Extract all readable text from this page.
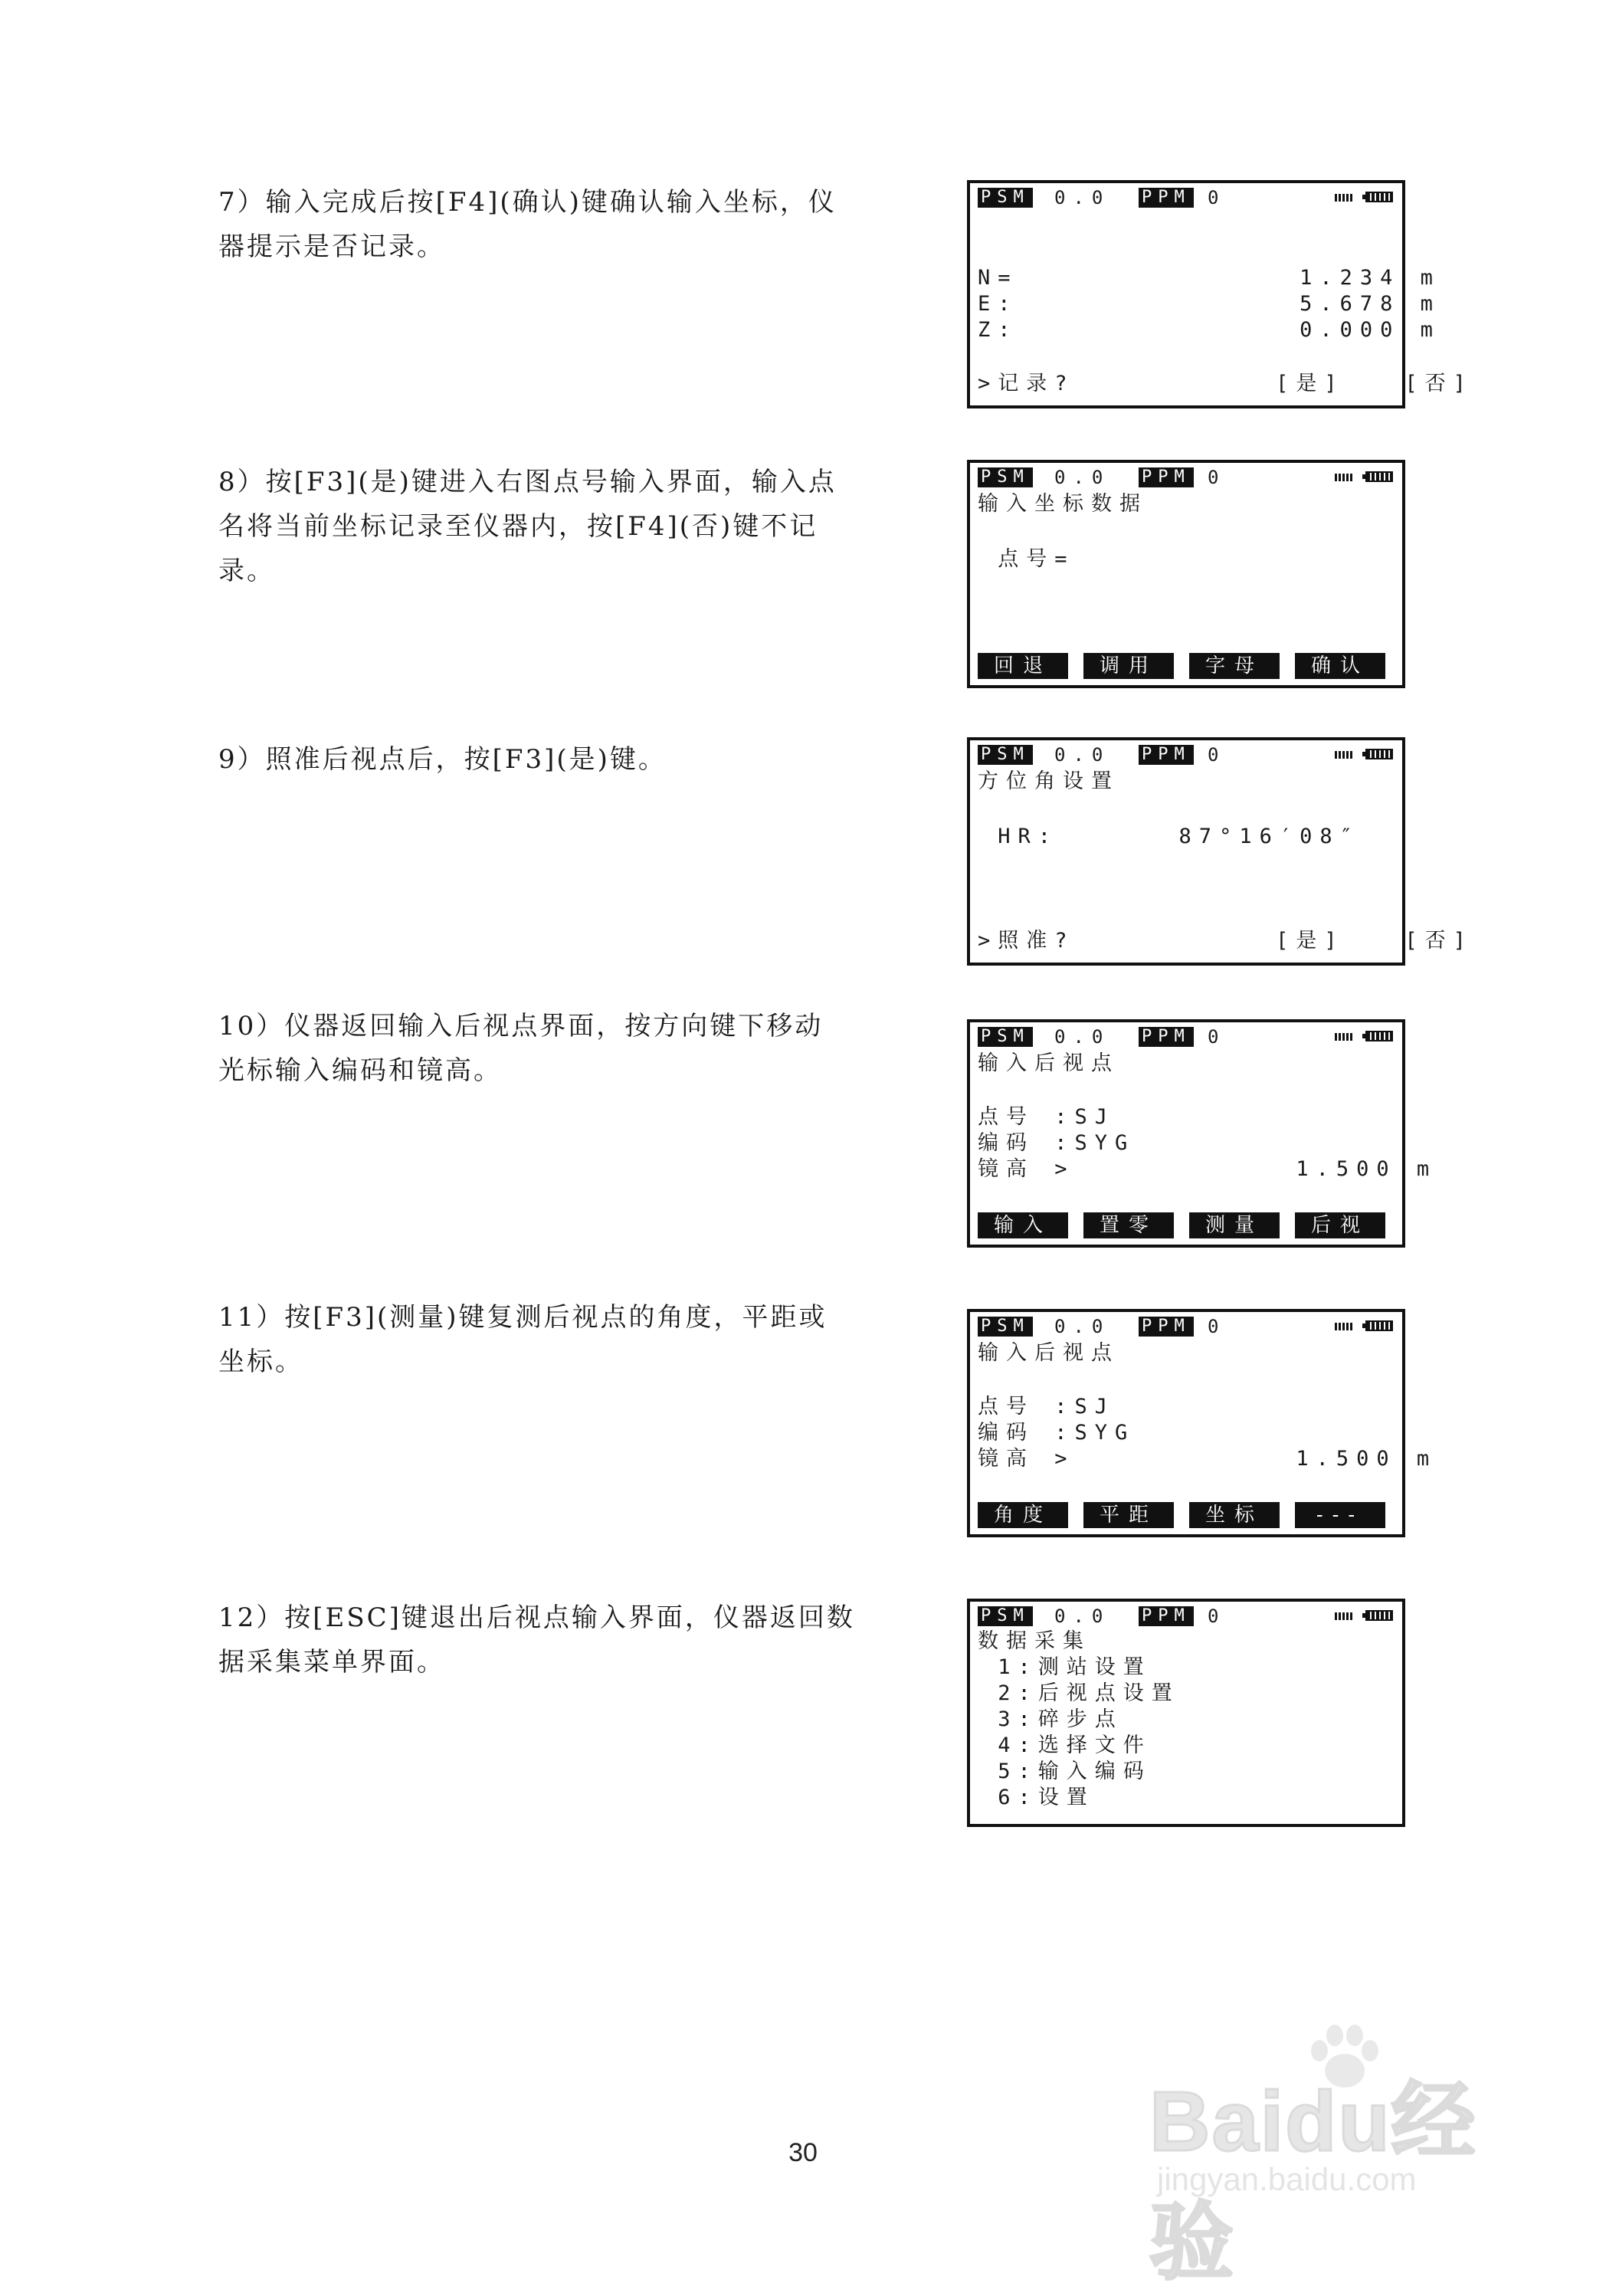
7）输入完成后按[F4](确认)键确认输入坐标，仪
器提示是否记录。
8）按[F3](是)键进入右图点号输入界面，输入点
名将当前坐标记录至仪器内，按[F4](否)键不记
录。
9）照准后视点后，按[F3](是)键。
10）仪器返回输入后视点界面，按方向键下移动
光标输入编码和镜高。
11）按[F3](测量)键复测后视点的角度，平距或
坐标。
12）按[ESC]键退出后视点输入界面，仪器返回数
据采集菜单界面。
PSM 0.0 PPM 0
N=              1.234 m
E:              5.678 m
Z:              0.000 m
>记录?          [是]   [否]
PSM 0.0 PPM 0
输入坐标数据
点号=
回退	调用	字母	确认
PSM 0.0 PPM 0
方位角设置
HR:      87°16′08″
>照准?          [是]   [否]
PSM 0.0 PPM 0
输入后视点
点号 :SJ
编码 :SYG
镜高 >           1.500 m
输入	置零	测量	后视
PSM 0.0 PPM 0
输入后视点
点号 :SJ
编码 :SYG
镜高 >           1.500 m
角度	平距	坐标	---
PSM 0.0 PPM 0
数据采集
1:测站设置
2:后视点设置
3:碎步点
4:选择文件
5:输入编码
6:设置
30	Baidu经验
jingyan.baidu.com
